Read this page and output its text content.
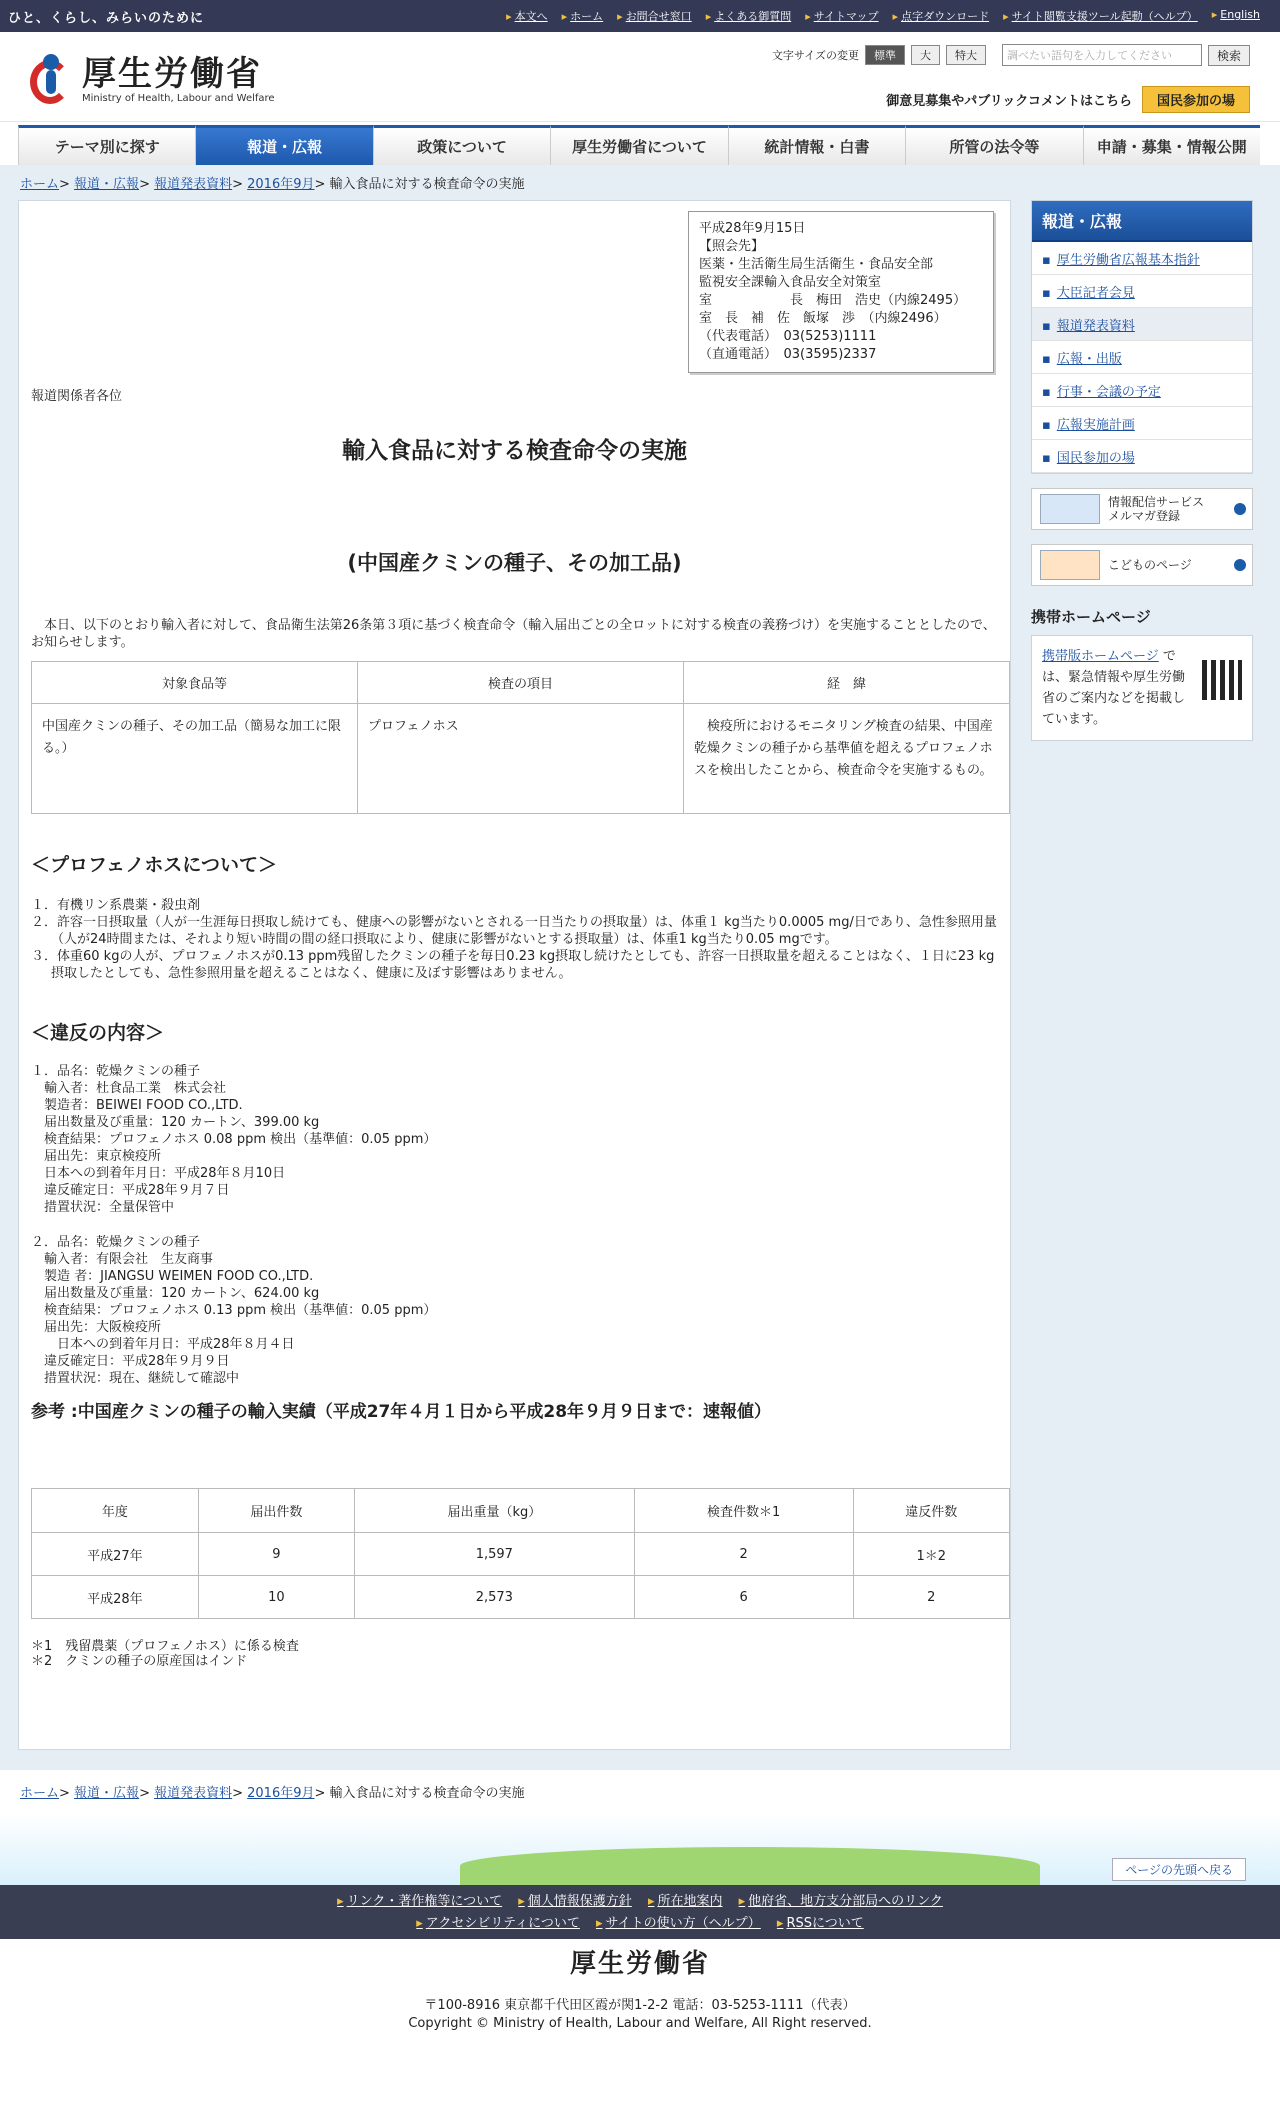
ひと、くらし、みらいのために	▸ 本文へ	▸ ホーム	▸ お問合せ窓口	▸ よくある御質問	▸ サイトマップ	▸ 点字ダウンロード	▸ サイト閲覧支援ツール起動（ヘルプ）	▸ English
厚生労働省
Ministry of Health, Labour and Welfare
文字サイズの変更	標準	大	特大	調べたい語句を入力してください	検索
御意見募集やパブリックコメントはこちら	国民参加の場
テーマ別に探す	報道・広報	政策について	厚生労働省について	統計情報・白書	所管の法令等	申請・募集・情報公開
ホーム> 報道・広報> 報道発表資料> 2016年9月> 輸入食品に対する検査命令の実施
平成28年9月15日
【照会先】
医薬・生活衛生局生活衛生・食品安全部
監視安全課輸入食品安全対策室
室　　　　　　長　梅田　浩史（内線2495）
室　長　補　佐　飯塚　渉　（内線2496）
（代表電話）　03(5253)1111
（直通電話）　03(3595)2337
報道関係者各位
輸入食品に対する検査命令の実施
(中国産クミンの種子、その加工品)
本日、以下のとおり輸入者に対して、食品衛生法第26条第３項に基づく検査命令（輸入届出ごとの全ロットに対する検査の義務づけ）を実施することとしたので、お知らせします。
対象食品等	検査の項目	経　緯
中国産クミンの種子、その加工品（簡易な加工に限る。）	プロフェノホス	　検疫所におけるモニタリング検査の結果、中国産乾燥クミンの種子から基準値を超えるプロフェノホスを検出したことから、検査命令を実施するもの。
＜プロフェノホスについて＞
１．有機リン系農薬・殺虫剤
２．許容一日摂取量（人が一生涯毎日摂取し続けても、健康への影響がないとされる一日当たりの摂取量）は、体重１ kg当たり0.0005 mg/日であり、急性参照用量（人が24時間または、それより短い時間の間の経口摂取により、健康に影響がないとする摂取量）は、体重1 kg当たり0.05 mgです。
３．体重60 kgの人が、プロフェノホスが0.13 ppm残留したクミンの種子を毎日0.23 kg摂取し続けたとしても、許容一日摂取量を超えることはなく、１日に23 kg摂取したとしても、急性参照用量を超えることはなく、健康に及ぼす影響はありません。
＜違反の内容＞
１．品名：乾燥クミンの種子
　輸入者：杜食品工業　株式会社
　製造者：BEIWEI FOOD CO.,LTD.
　届出数量及び重量：120 カートン、399.00 kg
　検査結果：プロフェノホス 0.08 ppm 検出（基準値：0.05 ppm）
　届出先：東京検疫所
　日本への到着年月日：平成28年８月10日
　違反確定日：平成28年９月７日
　措置状況：全量保管中
２．品名：乾燥クミンの種子
　輸入者：有限会社　生友商事
　製造 者：JIANGSU WEIMEN FOOD CO.,LTD.
　届出数量及び重量：120 カートン、624.00 kg
　検査結果：プロフェノホス 0.13 ppm 検出（基準値：0.05 ppm）
　届出先：大阪検疫所
　　日本への到着年月日：平成28年８月４日
　違反確定日：平成28年９月９日
　措置状況：現在、継続して確認中
参考 :中国産クミンの種子の輸入実績（平成27年４月１日から平成28年９月９日まで：速報値）
年度	届出件数	届出重量（kg）	検査件数＊1	違反件数
平成27年	9	1,597	2	1＊2
平成28年	10	2,573	6	2
＊1　残留農薬（プロフェノホス）に係る検査
＊2　クミンの種子の原産国はインド
報道・広報
▪ 厚生労働省広報基本指針
▪ 大臣記者会見
▪ 報道発表資料
▪ 広報・出版
▪ 行事・会議の予定
▪ 広報実施計画
▪ 国民参加の場
情報配信サービス
メルマガ登録
こどものページ
携帯ホームページ
携帯版ホームページ では、緊急情報や厚生労働省のご案内などを掲載しています。
ホーム> 報道・広報> 報道発表資料> 2016年9月> 輸入食品に対する検査命令の実施
ページの先頭へ戻る
▸ リンク・著作権等について ▸ 個人情報保護方針 ▸ 所在地案内 ▸ 他府省、地方支分部局へのリンク
▸ アクセシビリティについて ▸ サイトの使い方（ヘルプ） ▸ RSSについて
厚生労働省
〒100-8916 東京都千代田区霞が関1-2-2 電話：03-5253-1111（代表）
Copyright © Ministry of Health, Labour and Welfare, All Right reserved.
